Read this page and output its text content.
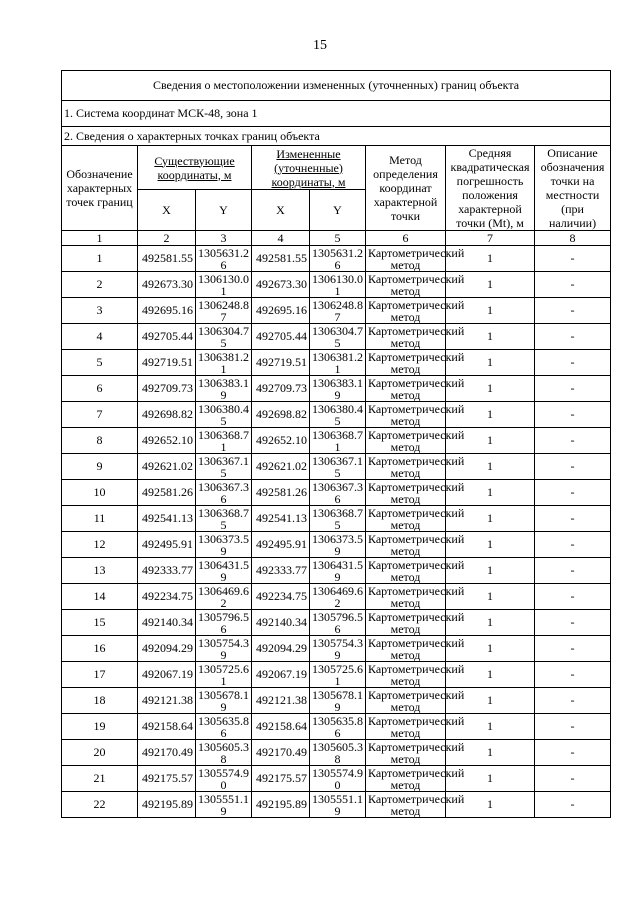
15
Сведения о местоположении измененных (уточненных) границ объекта							
1. Система координат МСК-48, зона 1							
2. Сведения о характерных точках границ объекта							
Обозначение характерных точек границ	Существующие координаты, м		Измененные (уточненные) координаты, м		Метод определения координат характерной точки	Средняя квадратическая погрешность положения характерной точки (Mt), м	Описание обозначения точки на местности (при наличии)
	X	Y	X	Y			
1	2	3	4	5	6	7	8
1	492581.55	1305631.26	492581.55	1305631.26	Картометрический метод	1	-
2	492673.30	1306130.01	492673.30	1306130.01	Картометрический метод	1	-
3	492695.16	1306248.87	492695.16	1306248.87	Картометрический метод	1	-
4	492705.44	1306304.75	492705.44	1306304.75	Картометрический метод	1	-
5	492719.51	1306381.21	492719.51	1306381.21	Картометрический метод	1	-
6	492709.73	1306383.19	492709.73	1306383.19	Картометрический метод	1	-
7	492698.82	1306380.45	492698.82	1306380.45	Картометрический метод	1	-
8	492652.10	1306368.71	492652.10	1306368.71	Картометрический метод	1	-
9	492621.02	1306367.15	492621.02	1306367.15	Картометрический метод	1	-
10	492581.26	1306367.36	492581.26	1306367.36	Картометрический метод	1	-
11	492541.13	1306368.75	492541.13	1306368.75	Картометрический метод	1	-
12	492495.91	1306373.59	492495.91	1306373.59	Картометрический метод	1	-
13	492333.77	1306431.59	492333.77	1306431.59	Картометрический метод	1	-
14	492234.75	1306469.62	492234.75	1306469.62	Картометрический метод	1	-
15	492140.34	1305796.56	492140.34	1305796.56	Картометрический метод	1	-
16	492094.29	1305754.39	492094.29	1305754.39	Картометрический метод	1	-
17	492067.19	1305725.61	492067.19	1305725.61	Картометрический метод	1	-
18	492121.38	1305678.19	492121.38	1305678.19	Картометрический метод	1	-
19	492158.64	1305635.86	492158.64	1305635.86	Картометрический метод	1	-
20	492170.49	1305605.38	492170.49	1305605.38	Картометрический метод	1	-
21	492175.57	1305574.90	492175.57	1305574.90	Картометрический метод	1	-
22	492195.89	1305551.19	492195.89	1305551.19	Картометрический метод	1	-
